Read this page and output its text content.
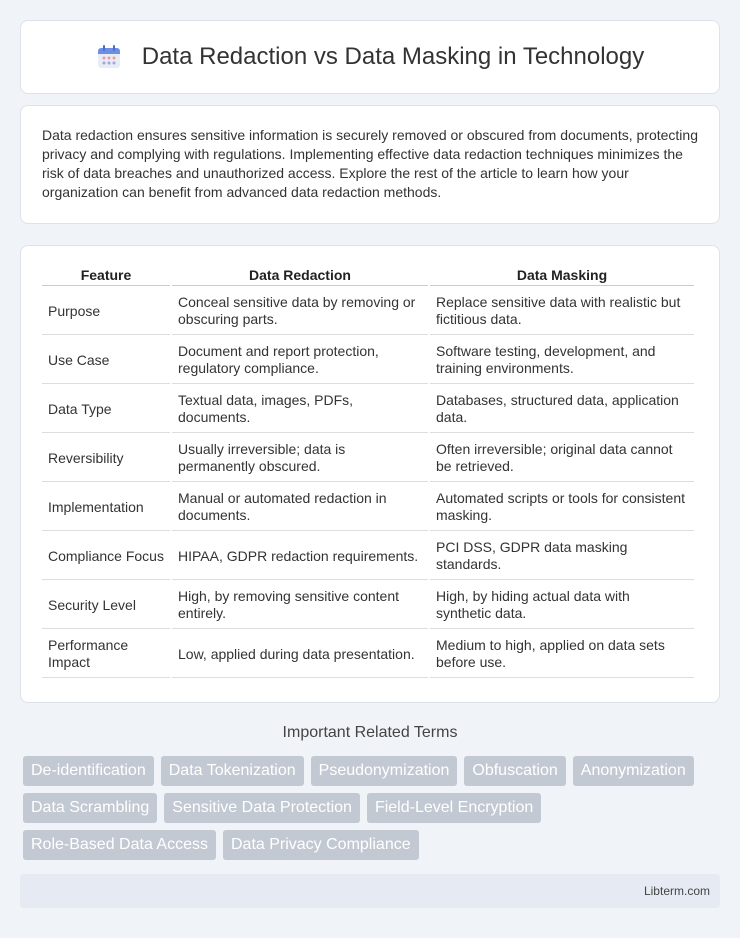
Data Redaction vs Data Masking in Technology

Data redaction ensures sensitive information is securely removed or obscured from documents, protecting privacy and complying with regulations. Implementing effective data redaction techniques minimizes the risk of data breaches and unauthorized access. Explore the rest of the article to learn how your organization can benefit from advanced data redaction methods.

Feature	Data Redaction	Data Masking
Purpose	Conceal sensitive data by removing or obscuring parts.	Replace sensitive data with realistic but fictitious data.
Use Case	Document and report protection, regulatory compliance.	Software testing, development, and training environments.
Data Type	Textual data, images, PDFs, documents.	Databases, structured data, application data.
Reversibility	Usually irreversible; data is permanently obscured.	Often irreversible; original data cannot be retrieved.
Implementation	Manual or automated redaction in documents.	Automated scripts or tools for consistent masking.
Compliance Focus	HIPAA, GDPR redaction requirements.	PCI DSS, GDPR data masking standards.
Security Level	High, by removing sensitive content entirely.	High, by hiding actual data with synthetic data.
Performance Impact	Low, applied during data presentation.	Medium to high, applied on data sets before use.
Important Related Terms
De-identification	Data Tokenization	Pseudonymization	Obfuscation	Anonymization
Data Scrambling	Sensitive Data Protection	Field-Level Encryption
Role-Based Data Access	Data Privacy Compliance
Libterm.com
